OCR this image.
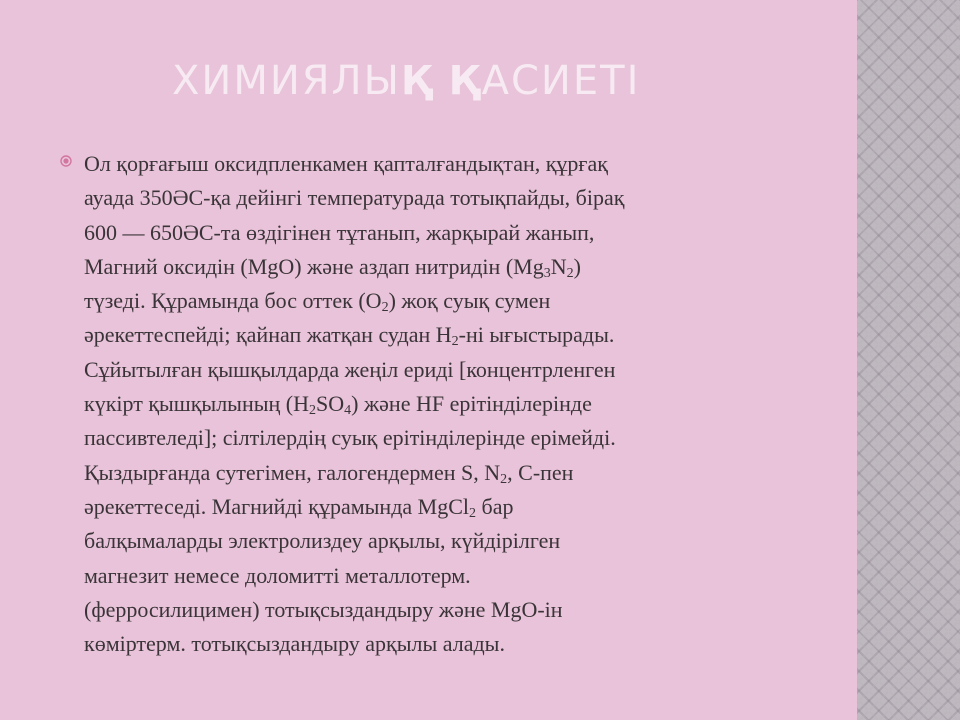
ХИМИЯЛЫҚ ҚАСИЕТІ
Ол қорғағыш оксидпленкамен қапталғандықтан, құрғақ
ауада 350ӘС-қа дейінгі температурада тотықпайды, бірақ
600 — 650ӘС-та өздігінен тұтанып, жарқырай жанып,
Магний оксидін (MgO) және аздап нитридін $(Mg_3N_2)$
түзеді. Құрамында бос оттек $(O_2)$ жоқ суық сумен
әрекеттеспейді; қайнап жатқан судан $H_2-ні$ ығыстырады.
Сұйытылған қышқылдарда жеңіл ериді [концентрленген
күкірт қышқылының $(H_2SO_4)$ және HF ерітінділерінде
пассивтеледі]; сілтілердің суық ерітінділерінде ерімейді.
Қыздырғанда сутегімен, галогендермен S, $N_2$, C-пен
әрекеттеседі. Магнийді құрамында MgCl$_2$ бар
балқымаларды электролиздеу арқылы, күйдірілген
магнезит немесе доломитті металлотерм.
(ферросилицимен) тотықсыздандыру және MgO-ін
көміртерм. тотықсыздандыру арқылы алады.
